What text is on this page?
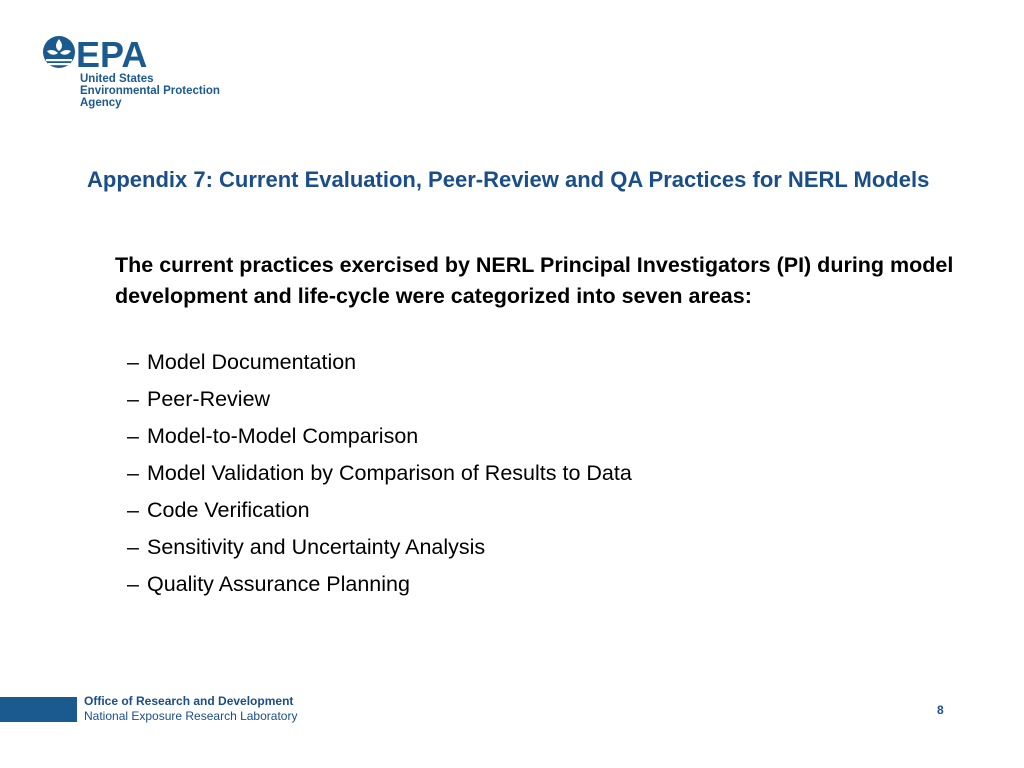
EPA
United States
Environmental Protection
Agency
Appendix 7: Current Evaluation, Peer-Review and QA Practices for NERL Models
The current practices exercised by NERL Principal Investigators (PI) during model development and life-cycle were categorized into seven areas:
– Model Documentation
– Peer-Review
– Model-to-Model Comparison
– Model Validation by Comparison of Results to Data
– Code Verification
– Sensitivity and Uncertainty Analysis
– Quality Assurance Planning
Office of Research and Development
National Exposure Research Laboratory	8
